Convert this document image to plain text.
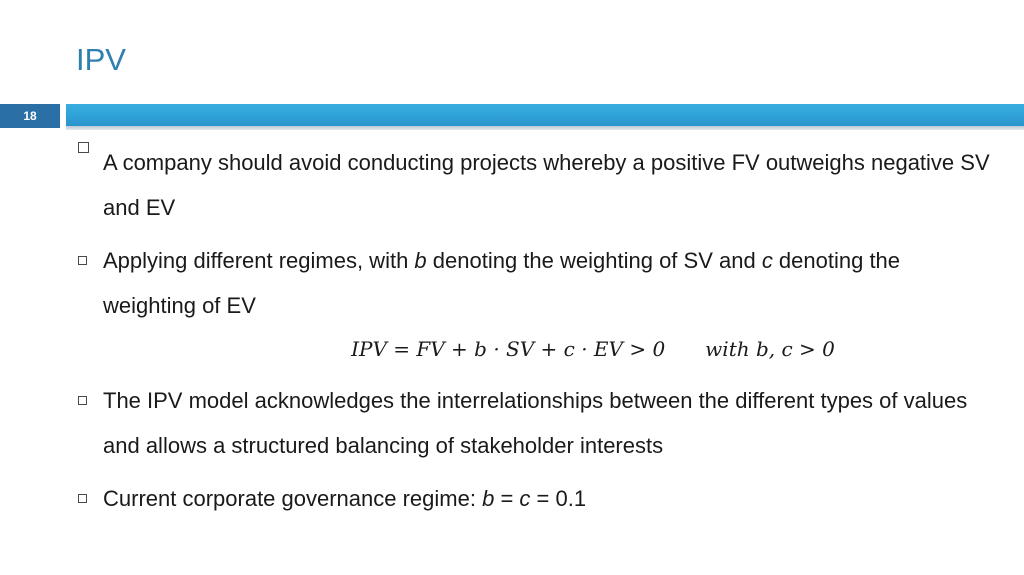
IPV
18
A company should avoid conducting projects whereby a positive FV outweighs negative SV and EV
Applying different regimes, with b denoting the weighting of SV and c denoting the weighting of EV
IPV = FV + b · SV + c · EV > 0 with b, c > 0
The IPV model acknowledges the interrelationships between the different types of values and allows a structured balancing of stakeholder interests
Current corporate governance regime: b = c = 0.1
